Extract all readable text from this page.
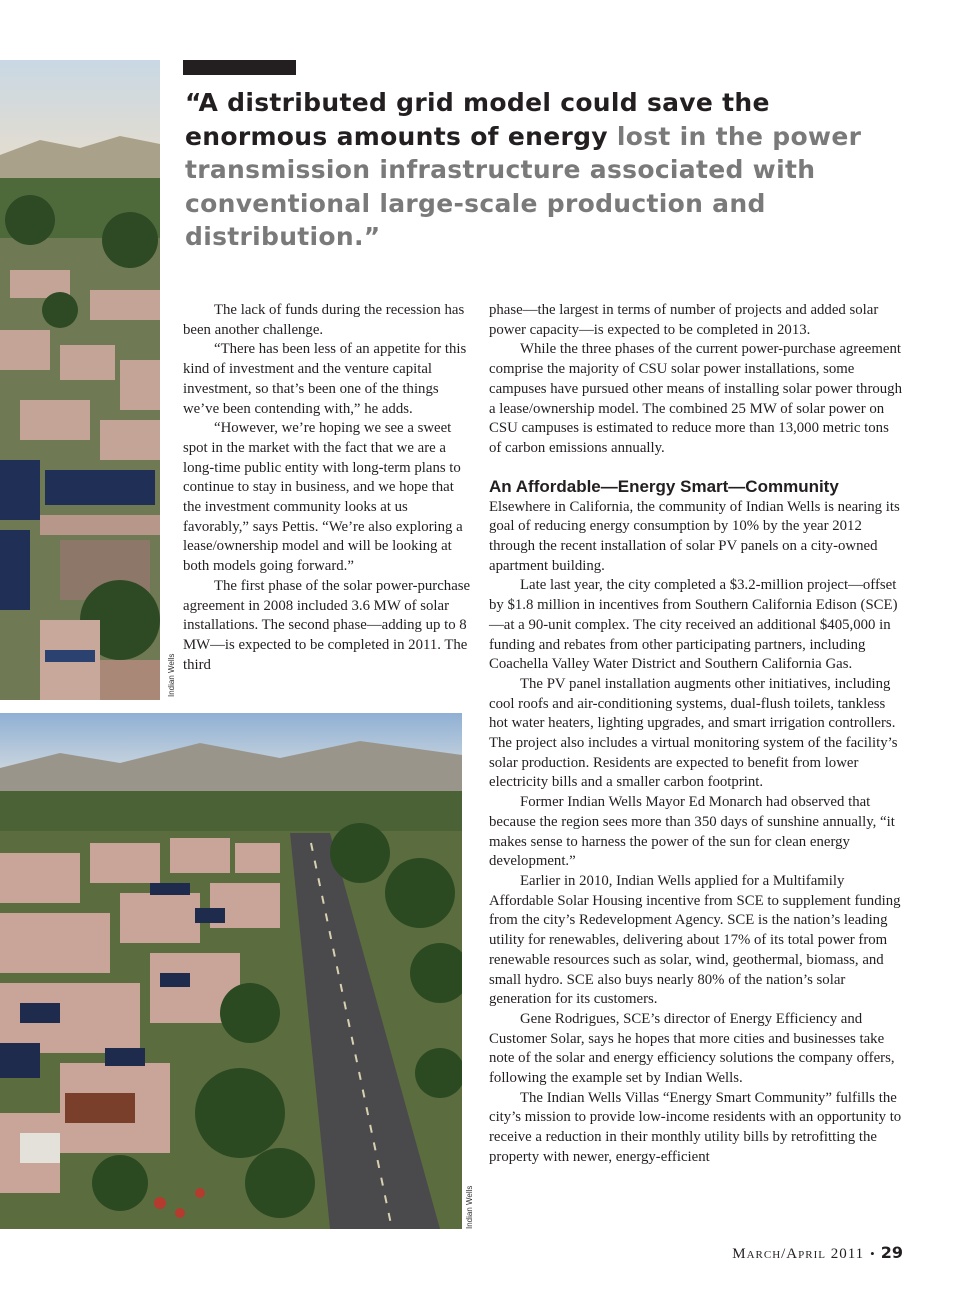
Indian Wells

“A distributed grid model could save the enormous amounts of energy lost in the power transmission infrastructure associated with conventional large-scale production and distribution.”

The lack of funds during the recession has been another challenge.

“There has been less of an appetite for this kind of investment and the venture capital investment, so that’s been one of the things we’ve been contending with,” he adds.

“However, we’re hoping we see a sweet spot in the market with the fact that we are a long-time public entity with long-term plans to continue to stay in business, and we hope that the investment community looks at us favorably,” says Pettis. “We’re also exploring a lease/ownership model and will be looking at both models going forward.”

The first phase of the solar power-purchase agreement in 2008 included 3.6 MW of solar installations. The second phase—adding up to 8 MW—is expected to be completed in 2011. The third

phase—the largest in terms of number of projects and added solar power capacity—is expected to be completed in 2013.

While the three phases of the current power-purchase agreement comprise the majority of CSU solar power installations, some campuses have pursued other means of installing solar power through a lease/ownership model. The combined 25 MW of solar power on CSU campuses is estimated to reduce more than 13,000 metric tons of carbon emissions annually.

An Affordable—Energy Smart—Community

Elsewhere in California, the community of Indian Wells is nearing its goal of reducing energy consumption by 10% by the year 2012 through the recent installation of solar PV panels on a city-owned apartment building.

Late last year, the city completed a $3.2-million project—offset by $1.8 million in incentives from Southern California Edison (SCE)—at a 90-unit complex. The city received an additional $405,000 in funding and rebates from other participating partners, including Coachella Valley Water District and Southern California Gas.

The PV panel installation augments other initiatives, including cool roofs and air-conditioning systems, dual-flush toilets, tankless hot water heaters, lighting upgrades, and smart irrigation controllers. The project also includes a virtual monitoring system of the facility’s solar production. Residents are expected to benefit from lower electricity bills and a smaller carbon footprint.

Former Indian Wells Mayor Ed Monarch had observed that because the region sees more than 350 days of sunshine annually, “it makes sense to harness the power of the sun for clean energy development.”

Earlier in 2010, Indian Wells applied for a Multifamily Affordable Solar Housing incentive from SCE to supplement funding from the city’s Redevelopment Agency. SCE is the nation’s leading utility for renewables, delivering about 17% of its total power from renewable resources such as solar, wind, geothermal, biomass, and small hydro. SCE also buys nearly 80% of the nation’s solar generation for its customers.

Gene Rodrigues, SCE’s director of Energy Efficiency and Customer Solar, says he hopes that more cities and businesses take note of the solar and energy efficiency solutions the company offers, following the example set by Indian Wells.

The Indian Wells Villas “Energy Smart Community” fulfills the city’s mission to provide low-income residents with an opportunity to receive a reduction in their monthly utility bills by retrofitting the property with newer, energy-efficient

Indian Wells
March/April 2011 • 29
